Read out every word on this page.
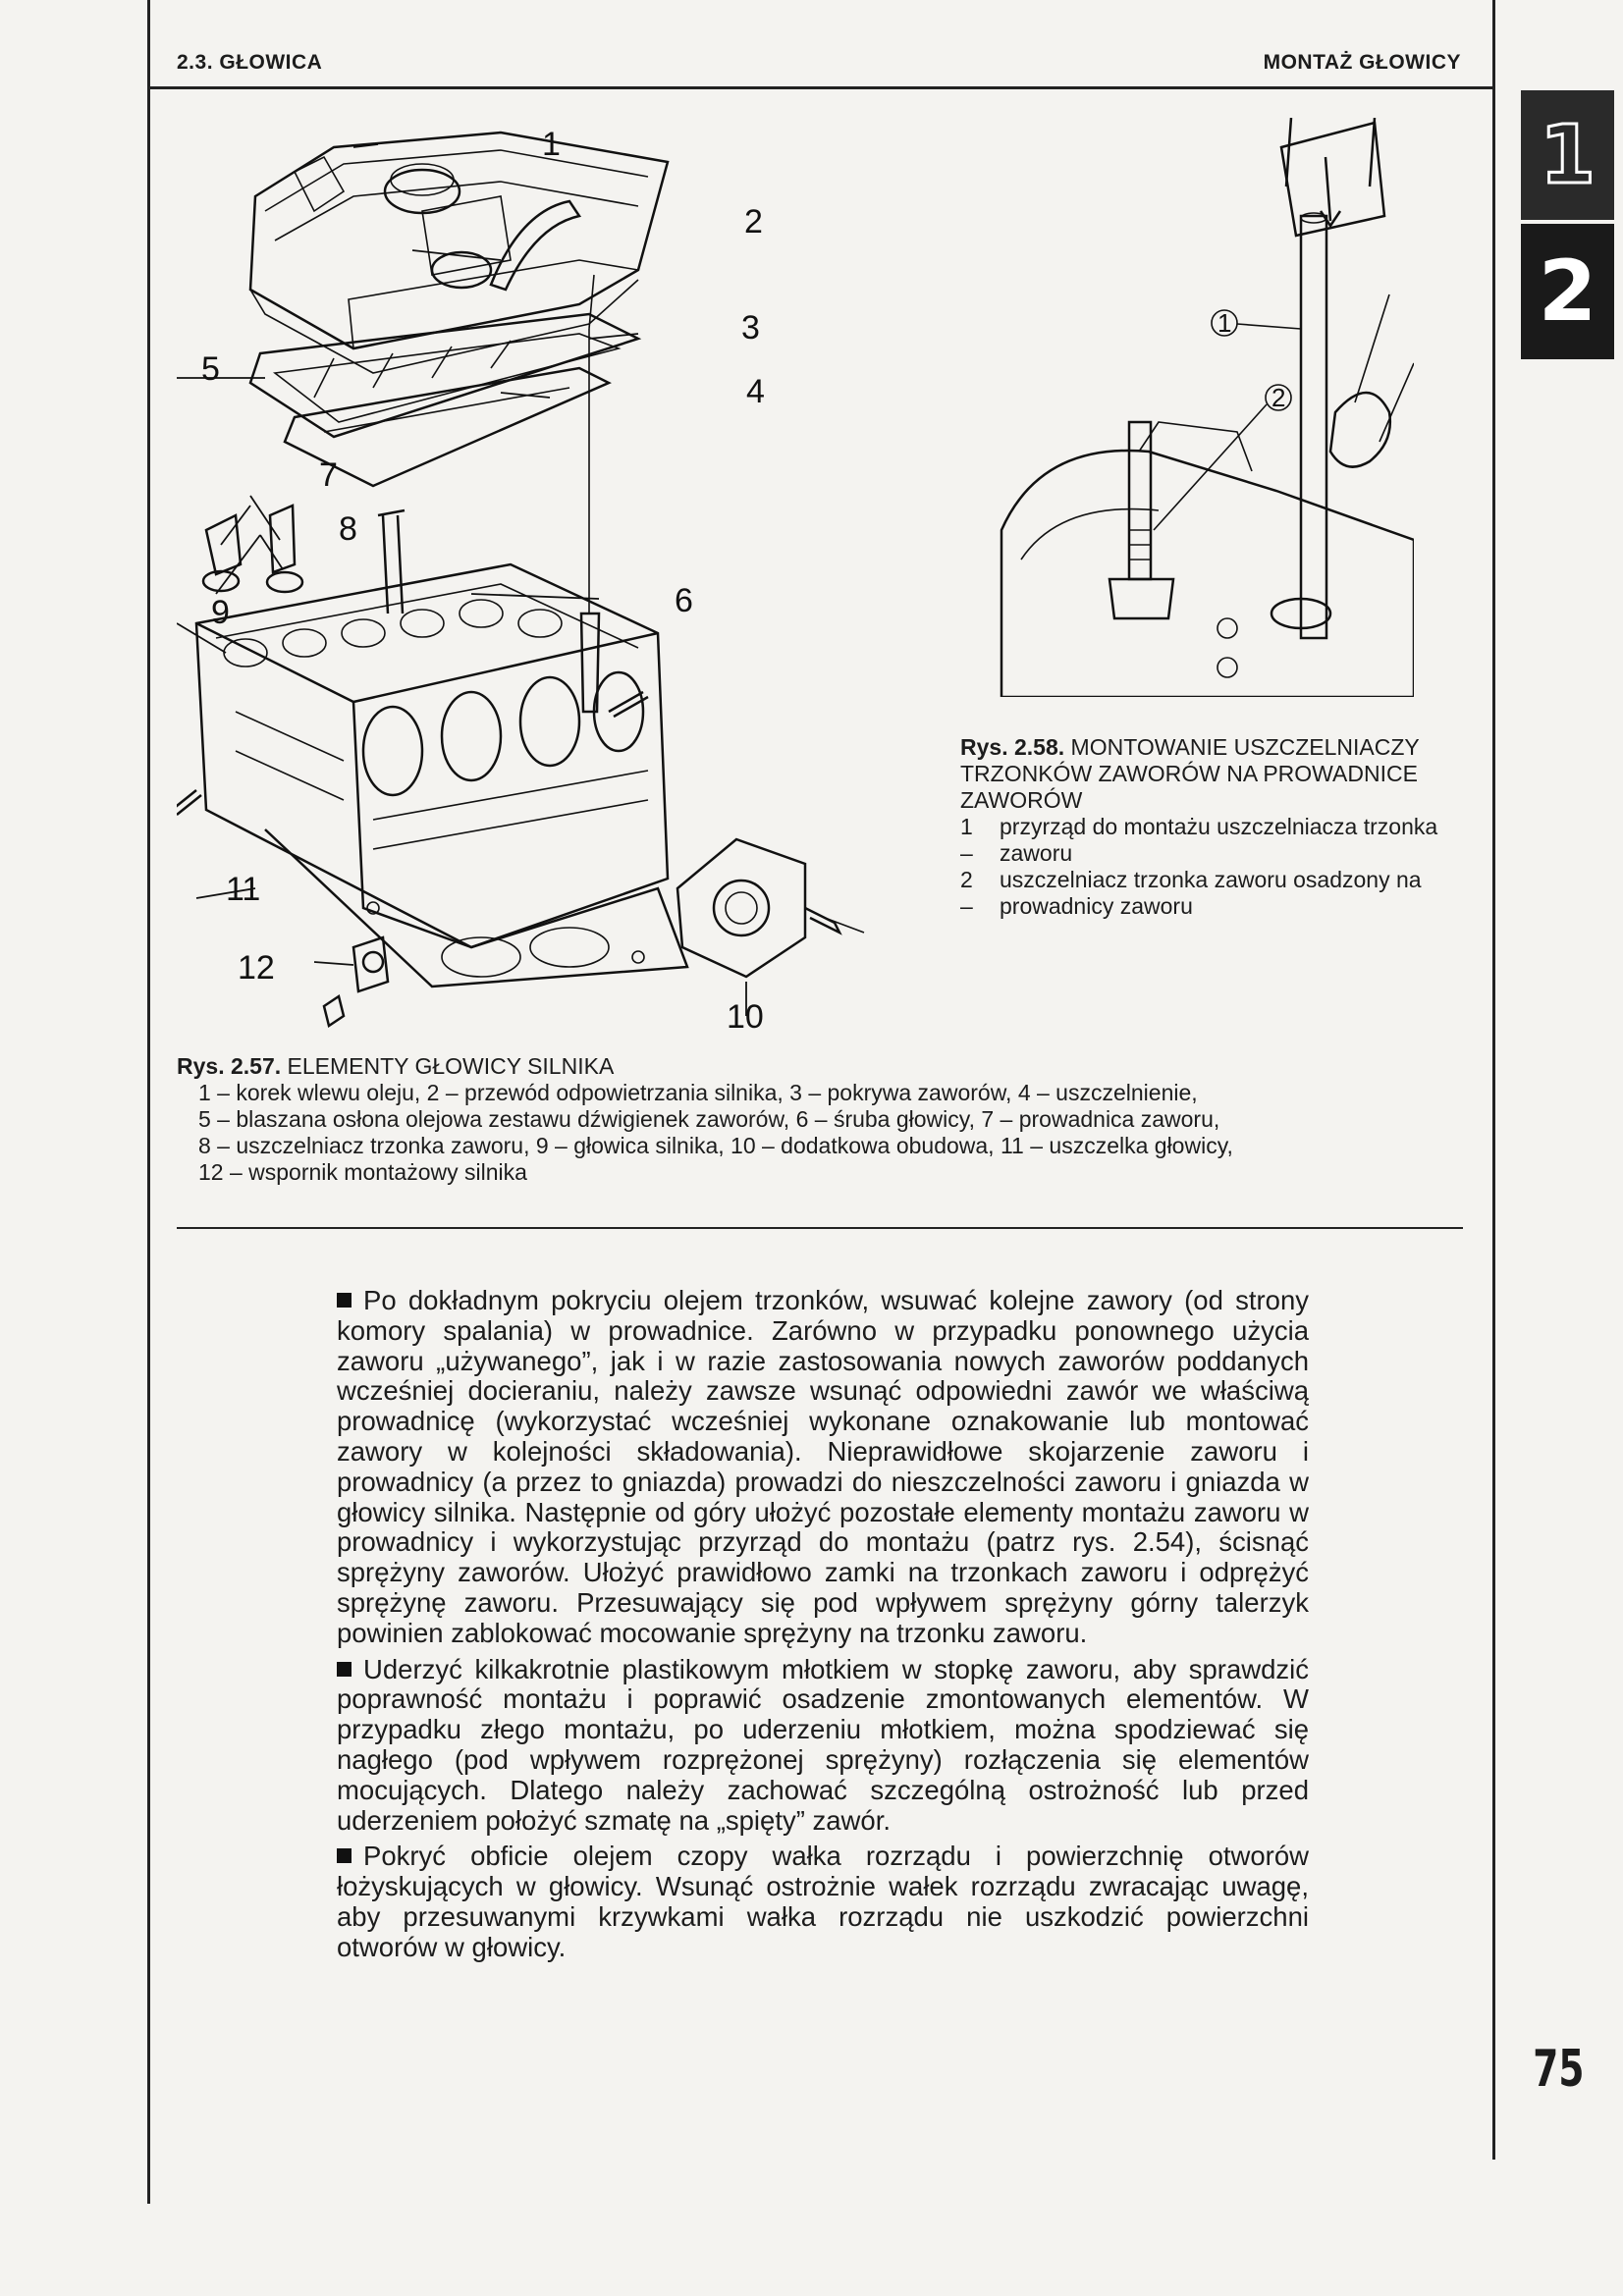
2.3. GŁOWICA	MONTAŻ GŁOWICY
1
2
75
1
2
3
4
5
6
7
8
9
10
11
12
1
2
Rys. 2.58. MONTOWANIE USZCZELNIACZY TRZONKÓW ZAWORÓW NA PROWADNICE ZAWORÓW
1 –
przyrząd do montażu uszczelniacza trzonka zaworu
2 –
uszczelniacz trzonka zaworu osadzony na prowadnicy zaworu
Rys. 2.57. ELEMENTY GŁOWICY SILNIKA
1 – korek wlewu oleju, 2 – przewód odpowietrzania silnika, 3 – pokrywa zaworów, 4 – uszczelnienie,
5 – blaszana osłona olejowa zestawu dźwigienek zaworów, 6 – śruba głowicy, 7 – prowadnica zaworu,
8 – uszczelniacz trzonka zaworu, 9 – głowica silnika, 10 – dodatkowa obudowa, 11 – uszczelka głowicy,
12 – wspornik montażowy silnika

Po dokładnym pokryciu olejem trzonków, wsuwać kolejne zawory (od strony komory spalania) w prowadnice. Zarówno w przypadku ponownego użycia zaworu „używanego”, jak i w razie zastosowania nowych zaworów poddanych wcześniej docieraniu, należy zawsze wsunąć odpowiedni zawór we właściwą prowadnicę (wykorzystać wcześniej wykonane oznakowanie lub montować zawory w kolejności składowania). Nieprawidłowe skojarzenie zaworu i prowadnicy (a przez to gniazda) prowadzi do nieszczelności zaworu i gniazda w głowicy silnika. Następnie od góry ułożyć pozostałe elementy montażu zaworu w prowadnicy i wykorzystując przyrząd do montażu (patrz rys. 2.54), ścisnąć sprężyny zaworów. Ułożyć prawidłowo zamki na trzonkach zaworu i odprężyć sprężynę zaworu. Przesuwający się pod wpływem sprężyny górny talerzyk powinien zablokować mocowanie sprężyny na trzonku zaworu.

Uderzyć kilkakrotnie plastikowym młotkiem w stopkę zaworu, aby sprawdzić poprawność montażu i poprawić osadzenie zmontowanych elementów. W przypadku złego montażu, po uderzeniu młotkiem, można spodziewać się nagłego (pod wpływem rozprężonej sprężyny) rozłączenia się elementów mocujących. Dlatego należy zachować szczególną ostrożność lub przed uderzeniem położyć szmatę na „spięty” zawór.

Pokryć obficie olejem czopy wałka rozrządu i powierzchnię otworów łożyskujących w głowicy. Wsunąć ostrożnie wałek rozrządu zwracając uwagę, aby przesuwanymi krzywkami wałka rozrządu nie uszkodzić powierzchni otworów w głowicy.
